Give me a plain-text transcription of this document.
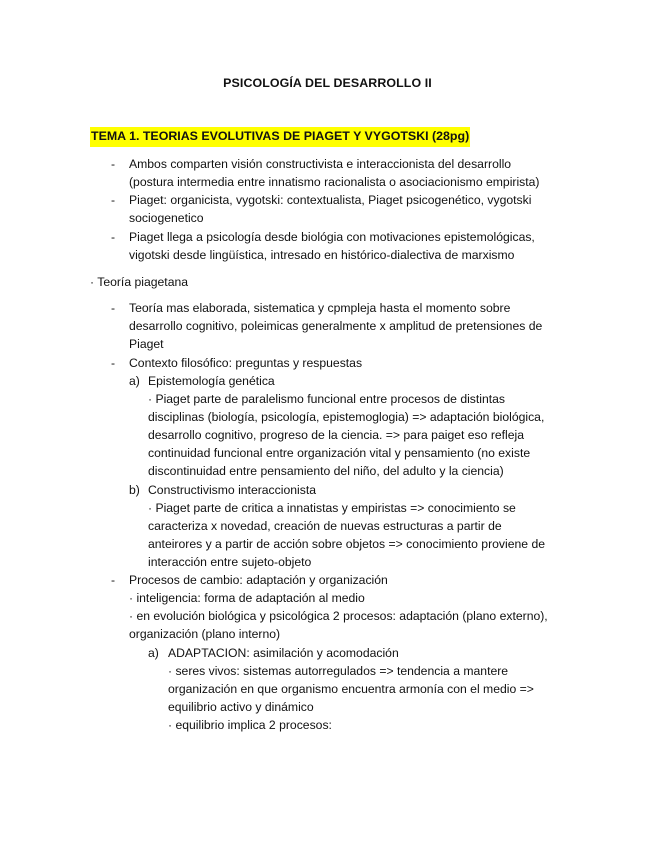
PSICOLOGÍA DEL DESARROLLO II
TEMA 1. TEORIAS EVOLUTIVAS DE PIAGET Y VYGOTSKI (28pg)
- Ambos comparten visión constructivista e interaccionista del desarrollo
(postura intermedia entre innatismo racionalista o asociacionismo empirista)
- Piaget: organicista, vygotski: contextualista, Piaget psicogenético, vygotski
sociogenetico
- Piaget llega a psicología desde biológia con motivaciones epistemológicas,
vigotski desde lingüística, intresado en histórico-dialectiva de marxismo
· Teoría piagetana
- Teoría mas elaborada, sistematica y cpmpleja hasta el momento sobre
desarrollo cognitivo, poleimicas generalmente x amplitud de pretensiones de
Piaget
- Contexto filosófico: preguntas y respuestas
a) Epistemología genética
· Piaget parte de paralelismo funcional entre procesos de distintas
disciplinas (biología, psicología, epistemoglogia) => adaptación biológica,
desarrollo cognitivo, progreso de la ciencia. => para paiget eso refleja
continuidad funcional entre organización vital y pensamiento (no existe
discontinuidad entre pensamiento del niño, del adulto y la ciencia)
b) Constructivismo interaccionista
· Piaget parte de critica a innatistas y empiristas => conocimiento se
caracteriza x novedad, creación de nuevas estructuras a partir de
anteirores y a partir de acción sobre objetos => conocimiento proviene de
interacción entre sujeto-objeto
- Procesos de cambio: adaptación y organización
· inteligencia: forma de adaptación al medio
· en evolución biológica y psicológica 2 procesos: adaptación (plano externo),
organización (plano interno)
a) ADAPTACION: asimilación y acomodación
· seres vivos: sistemas autorregulados => tendencia a mantere
organización en que organismo encuentra armonía con el medio =>
equilibrio activo y dinámico
· equilibrio implica 2 procesos:
